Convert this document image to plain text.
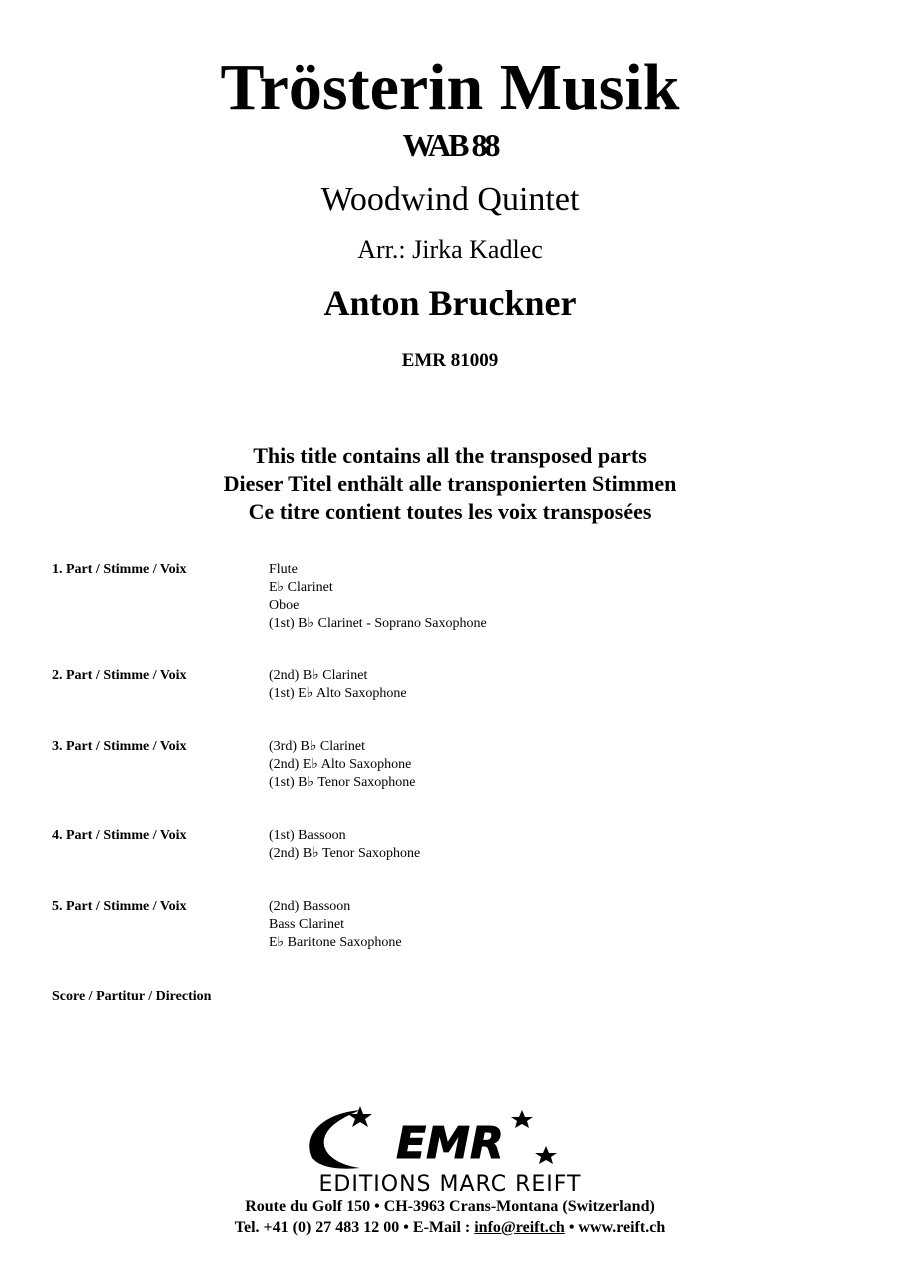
Trösterin Musik
WAB 88
Woodwind Quintet
Arr.: Jirka Kadlec
Anton Bruckner
EMR 81009
This title contains all the transposed parts
Dieser Titel enthält alle transponierten Stimmen
Ce titre contient toutes les voix transposées
1. Part / Stimme / Voix	Flute
E♭ Clarinet
Oboe
(1st) B♭ Clarinet - Soprano Saxophone
2. Part / Stimme / Voix	(2nd) B♭ Clarinet
(1st) E♭ Alto Saxophone
3. Part / Stimme / Voix	(3rd) B♭ Clarinet
(2nd) E♭ Alto Saxophone
(1st) B♭ Tenor Saxophone
4. Part / Stimme / Voix	(1st) Bassoon
(2nd) B♭ Tenor Saxophone
5. Part / Stimme / Voix	(2nd) Bassoon
Bass Clarinet
E♭ Baritone Saxophone
Score / Partitur / Direction
EMR
EDITIONS MARC REIFT
Route du Golf 150 • CH-3963 Crans-Montana (Switzerland)
Tel. +41 (0) 27 483 12 00 • E-Mail : info@reift.ch • www.reift.ch
